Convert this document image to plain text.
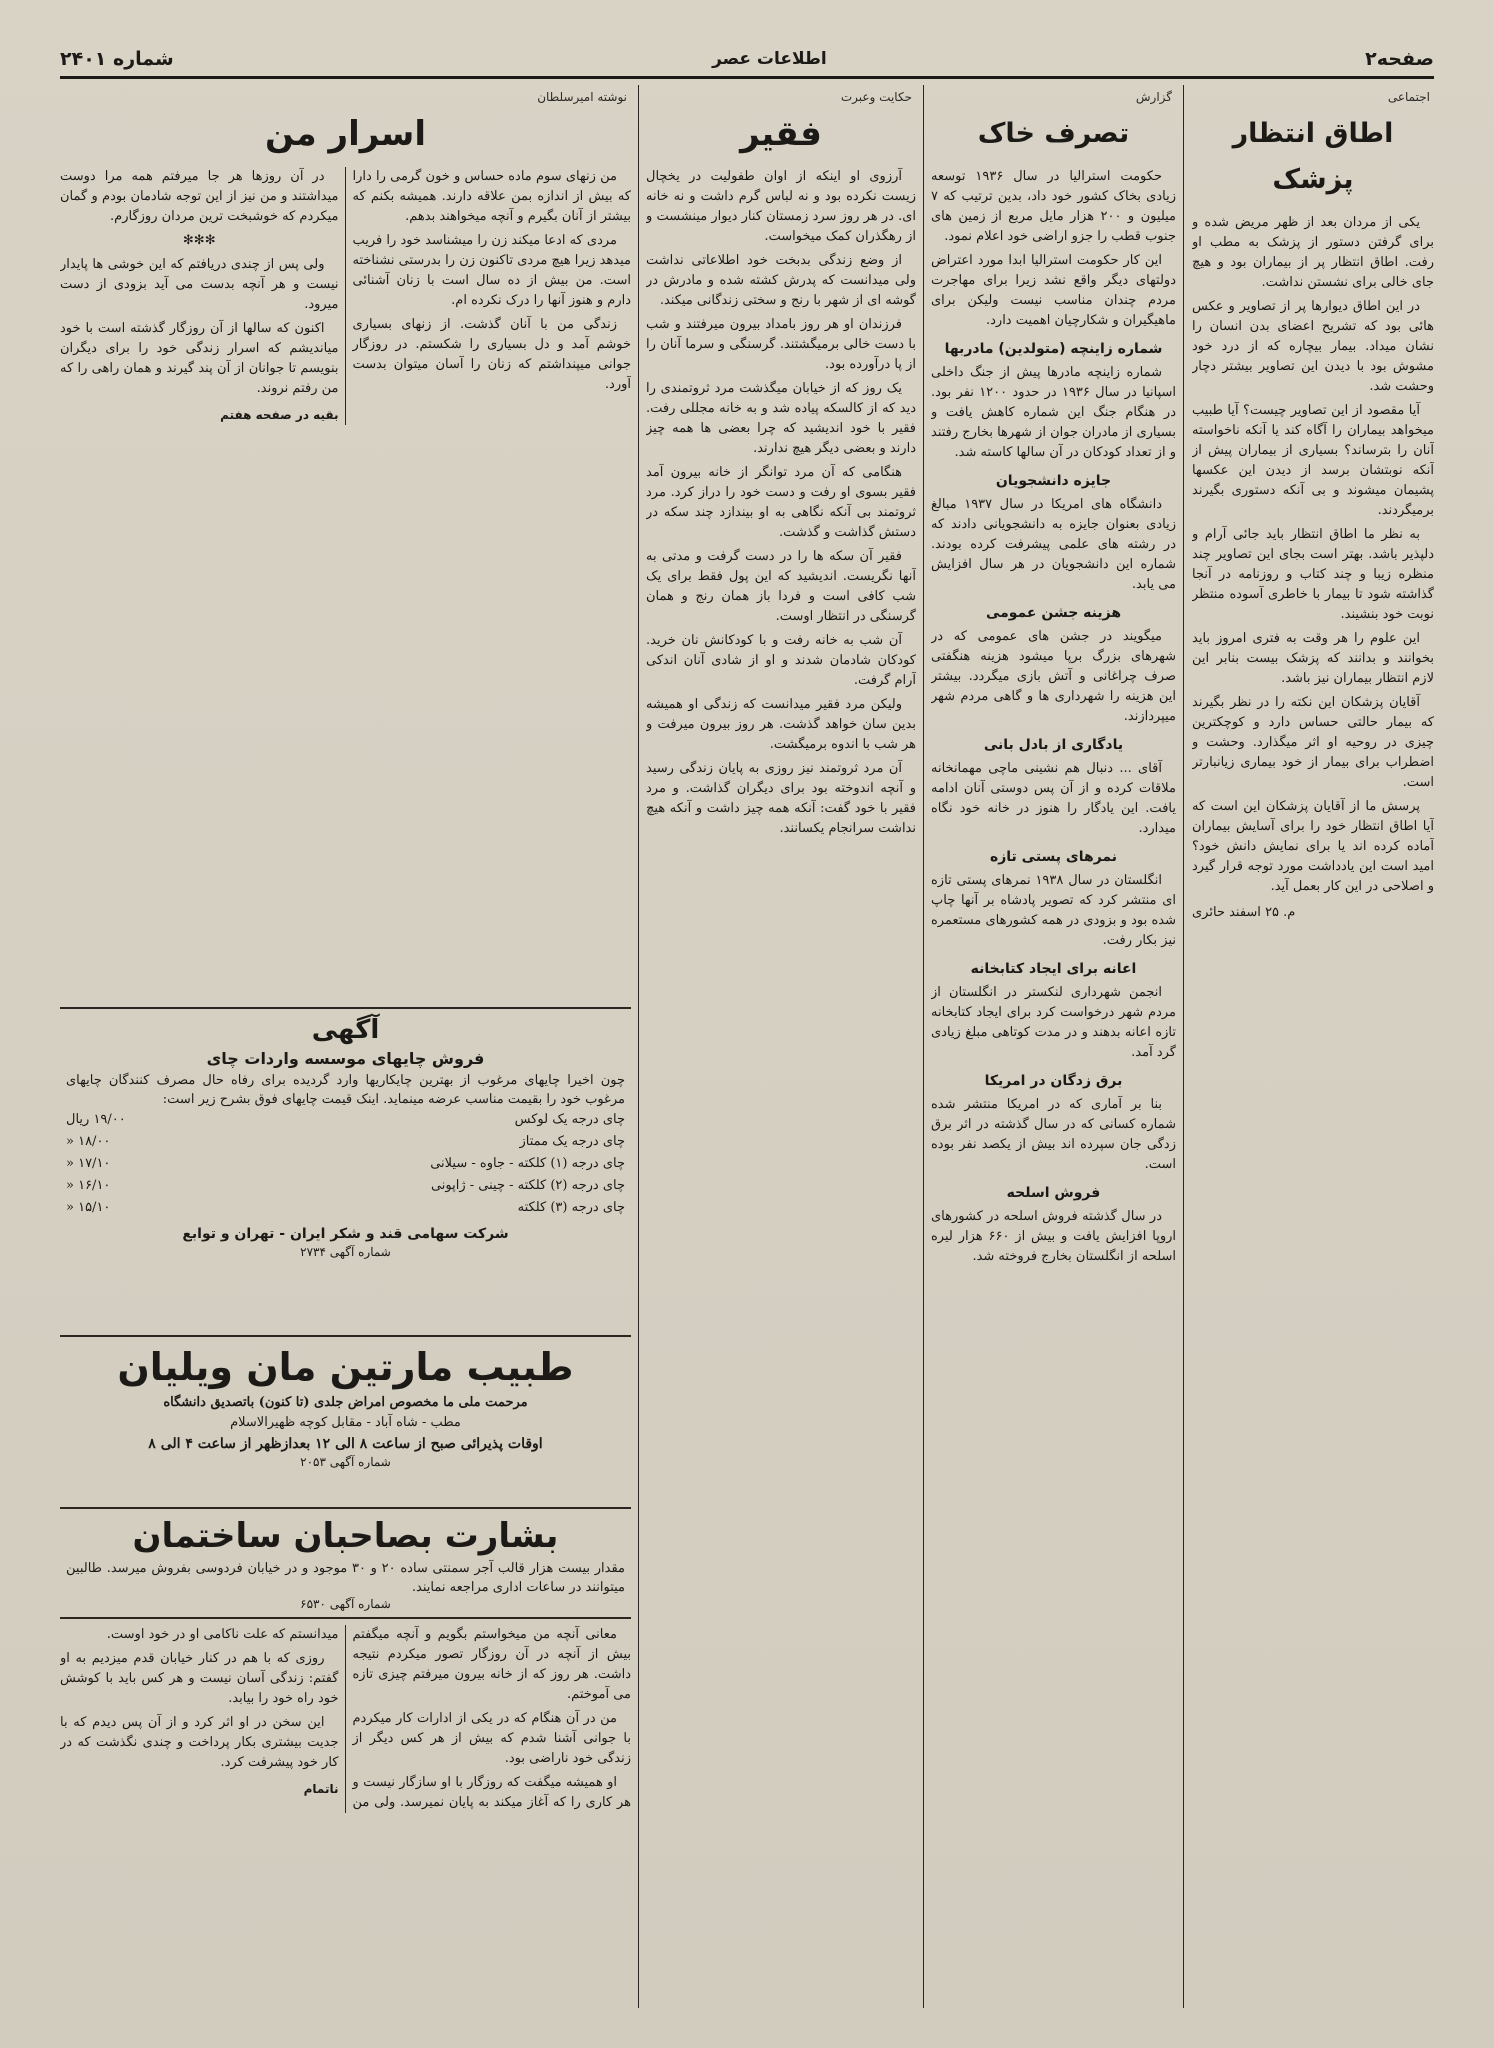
صفحه۲
اطلاعات عصر
شماره ۲۴۰۱
اجتماعی
اطاق انتظار پزشک

یکی از مردان بعد از ظهر مریض شده و برای گرفتن دستور از پزشک به مطب او رفت. اطاق انتظار پر از بیماران بود و هیچ جای خالی برای نشستن نداشت.

در این اطاق دیوارها پر از تصاویر و عکس هائی بود که تشریح اعضای بدن انسان را نشان میداد. بیمار بیچاره که از درد خود مشوش بود با دیدن این تصاویر بیشتر دچار وحشت شد.

آیا مقصود از این تصاویر چیست؟ آیا طبیب میخواهد بیماران را آگاه کند یا آنکه ناخواسته آنان را بترساند؟ بسیاری از بیماران پیش از آنکه نوبتشان برسد از دیدن این عکسها پشیمان میشوند و بی آنکه دستوری بگیرند برمیگردند.

به نظر ما اطاق انتظار باید جائی آرام و دلپذیر باشد. بهتر است بجای این تصاویر چند منظره زیبا و چند کتاب و روزنامه در آنجا گذاشته شود تا بیمار با خاطری آسوده منتظر نوبت خود بنشیند.

این علوم را هر وقت به فتری امروز باید بخوانند و بدانند که پزشک بیست بنابر این لازم انتظار بیماران نیز باشد.

آقایان پزشکان این نکته را در نظر بگیرند که بیمار حالتی حساس دارد و کوچکترین چیزی در روحیه او اثر میگذارد. وحشت و اضطراب برای بیمار از خود بیماری زیانبارتر است.

پرسش ما از آقایان پزشکان این است که آیا اطاق انتظار خود را برای آسایش بیماران آماده کرده اند یا برای نمایش دانش خود؟ امید است این یادداشت مورد توجه قرار گیرد و اصلاحی در این کار بعمل آید.

م. ۲۵ اسفند حائری
گزارش
تصرف خاک

حکومت استرالیا در سال ۱۹۳۶ توسعه زیادی بخاک کشور خود داد، بدین ترتیب که ۷ میلیون و ۲۰۰ هزار مایل مربع از زمین های جنوب قطب را جزو اراضی خود اعلام نمود.

این کار حکومت استرالیا ابدا مورد اعتراض دولتهای دیگر واقع نشد زیرا برای مهاجرت مردم چندان مناسب نیست ولیکن برای ماهیگیران و شکارچیان اهمیت دارد.

شماره زاینچه (متولدین) مادربها

شماره زاینچه مادرها پیش از جنگ داخلی اسپانیا در سال ۱۹۳۶ در حدود ۱۲۰۰ نفر بود. در هنگام جنگ این شماره کاهش یافت و بسیاری از مادران جوان از شهرها بخارج رفتند و از تعداد کودکان در آن سالها کاسته شد.

جایزه دانشجویان

دانشگاه های امریکا در سال ۱۹۳۷ مبالغ زیادی بعنوان جایزه به دانشجویانی دادند که در رشته های علمی پیشرفت کرده بودند. شماره این دانشجویان در هر سال افزایش می یابد.

هزینه جشن عمومی

میگویند در جشن های عمومی که در شهرهای بزرگ برپا میشود هزینه هنگفتی صرف چراغانی و آتش بازی میگردد. بیشتر این هزینه را شهرداری ها و گاهی مردم شهر میپردازند.

یادگاری از بادل بانی

آقای ... دنبال هم نشینی ماچی مهمانخانه ملاقات کرده و از آن پس دوستی آنان ادامه یافت. این یادگار را هنوز در خانه خود نگاه میدارد.

نمرهای پستی تازه

انگلستان در سال ۱۹۳۸ نمرهای پستی تازه ای منتشر کرد که تصویر پادشاه بر آنها چاپ شده بود و بزودی در همه کشورهای مستعمره نیز بکار رفت.

اعانه برای ایجاد کتابخانه

انجمن شهرداری لنکستر در انگلستان از مردم شهر درخواست کرد برای ایجاد کتابخانه تازه اعانه بدهند و در مدت کوتاهی مبلغ زیادی گرد آمد.

برق زدگان در امریکا

بنا بر آماری که در امریکا منتشر شده شماره کسانی که در سال گذشته در اثر برق زدگی جان سپرده اند بیش از یکصد نفر بوده است.

فروش اسلحه

در سال گذشته فروش اسلحه در کشورهای اروپا افزایش یافت و بیش از ۶۶۰ هزار لیره اسلحه از انگلستان بخارج فروخته شد.

حکایت وعبرت
فقیر

آرزوی او اینکه از اوان طفولیت در یخچال زیست نکرده بود و نه لباس گرم داشت و نه خانه ای. در هر روز سرد زمستان کنار دیوار مینشست و از رهگذران کمک میخواست.

از وضع زندگی بدبخت خود اطلاعاتی نداشت ولی میدانست که پدرش کشته شده و مادرش در گوشه ای از شهر با رنج و سختی زندگانی میکند.

فرزندان او هر روز بامداد بیرون میرفتند و شب با دست خالی برمیگشتند. گرسنگی و سرما آنان را از پا درآورده بود.

یک روز که از خیابان میگذشت مرد ثروتمندی را دید که از کالسکه پیاده شد و به خانه مجللی رفت. فقیر با خود اندیشید که چرا بعضی ها همه چیز دارند و بعضی دیگر هیچ ندارند.

هنگامی که آن مرد توانگر از خانه بیرون آمد فقیر بسوی او رفت و دست خود را دراز کرد. مرد ثروتمند بی آنکه نگاهی به او بیندازد چند سکه در دستش گذاشت و گذشت.

فقیر آن سکه ها را در دست گرفت و مدتی به آنها نگریست. اندیشید که این پول فقط برای یک شب کافی است و فردا باز همان رنج و همان گرسنگی در انتظار اوست.

آن شب به خانه رفت و با کودکانش نان خرید. کودکان شادمان شدند و او از شادی آنان اندکی آرام گرفت.

ولیکن مرد فقیر میدانست که زندگی او همیشه بدین سان خواهد گذشت. هر روز بیرون میرفت و هر شب با اندوه برمیگشت.

آن مرد ثروتمند نیز روزی به پایان زندگی رسید و آنچه اندوخته بود برای دیگران گذاشت. و مرد فقیر با خود گفت: آنکه همه چیز داشت و آنکه هیچ نداشت سرانجام یکسانند.

نوشته امیرسلطان
اسرار من

من زنهای سوم ماده حساس و خون گرمی را دارا که بیش از اندازه بمن علاقه دارند. همیشه بکنم که بیشتر از آنان بگیرم و آنچه میخواهند بدهم.

مردی که ادعا میکند زن را میشناسد خود را فریب میدهد زیرا هیچ مردی تاکنون زن را بدرستی نشناخته است. من بیش از ده سال است با زنان آشنائی دارم و هنوز آنها را درک نکرده ام.

زندگی من با آنان گذشت. از زنهای بسیاری خوشم آمد و دل بسیاری را شکستم. در روزگار جوانی میپنداشتم که زنان را آسان میتوان بدست آورد.

در آن روزها هر جا میرفتم همه مرا دوست میداشتند و من نیز از این توجه شادمان بودم و گمان میکردم که خوشبخت ترین مردان روزگارم.

✻✻✻

ولی پس از چندی دریافتم که این خوشی ها پایدار نیست و هر آنچه بدست می آید بزودی از دست میرود.

اکنون که سالها از آن روزگار گذشته است با خود میاندیشم که اسرار زندگی خود را برای دیگران بنویسم تا جوانان از آن پند گیرند و همان راهی را که من رفتم نروند.

بقیه در صفحه هفتم
آگهی
فروش چایهای موسسه واردات چای
چون اخیرا چایهای مرغوب از بهترین چایکاریها وارد گردیده برای رفاه حال مصرف کنندگان چایهای مرغوب خود را بقیمت مناسب عرضه مینماید. اینک قیمت چایهای فوق بشرح زیر است:
چای درجه یک لوکس
۱۹/۰۰ ریال
چای درجه یک ممتاز
۱۸/۰۰ «
چای درجه (۱) کلکته - جاوه - سیلانی
۱۷/۱۰ «
چای درجه (۲) کلکته - چینی - ژاپونی
۱۶/۱۰ «
چای درجه (۳) کلکته
۱۵/۱۰ «
شرکت سهامی قند و شکر ایران - تهران و توابع
شماره آگهی ۲۷۳۴
طبیب مارتین مان ویلیان
مرحمت ملی ما مخصوص امراض جلدی (تا کنون) باتصدیق دانشگاه
مطب - شاه آباد - مقابل کوچه ظهیرالاسلام
اوقات پذیرائی صبح از ساعت ۸ الی ۱۲ بعدازظهر از ساعت ۴ الی ۸
شماره آگهی ۲۰۵۳
بشارت بصاحبان ساختمان
مقدار بیست هزار قالب آجر سمنتی ساده ۲۰ و ۳۰ موجود و در خیابان فردوسی بفروش میرسد. طالبین میتوانند در ساعات اداری مراجعه نمایند.
شماره آگهی ۶۵۳۰

معانی آنچه من میخواستم بگویم و آنچه میگفتم بیش از آنچه در آن روزگار تصور میکردم نتیجه داشت. هر روز که از خانه بیرون میرفتم چیزی تازه می آموختم.

من در آن هنگام که در یکی از ادارات کار میکردم با جوانی آشنا شدم که بیش از هر کس دیگر از زندگی خود ناراضی بود.

او همیشه میگفت که روزگار با او سازگار نیست و هر کاری را که آغاز میکند به پایان نمیرسد. ولی من میدانستم که علت ناکامی او در خود اوست.

روزی که با هم در کنار خیابان قدم میزدیم به او گفتم: زندگی آسان نیست و هر کس باید با کوشش خود راه خود را بیابد.

این سخن در او اثر کرد و از آن پس دیدم که با جدیت بیشتری بکار پرداخت و چندی نگذشت که در کار خود پیشرفت کرد.

ناتمام
